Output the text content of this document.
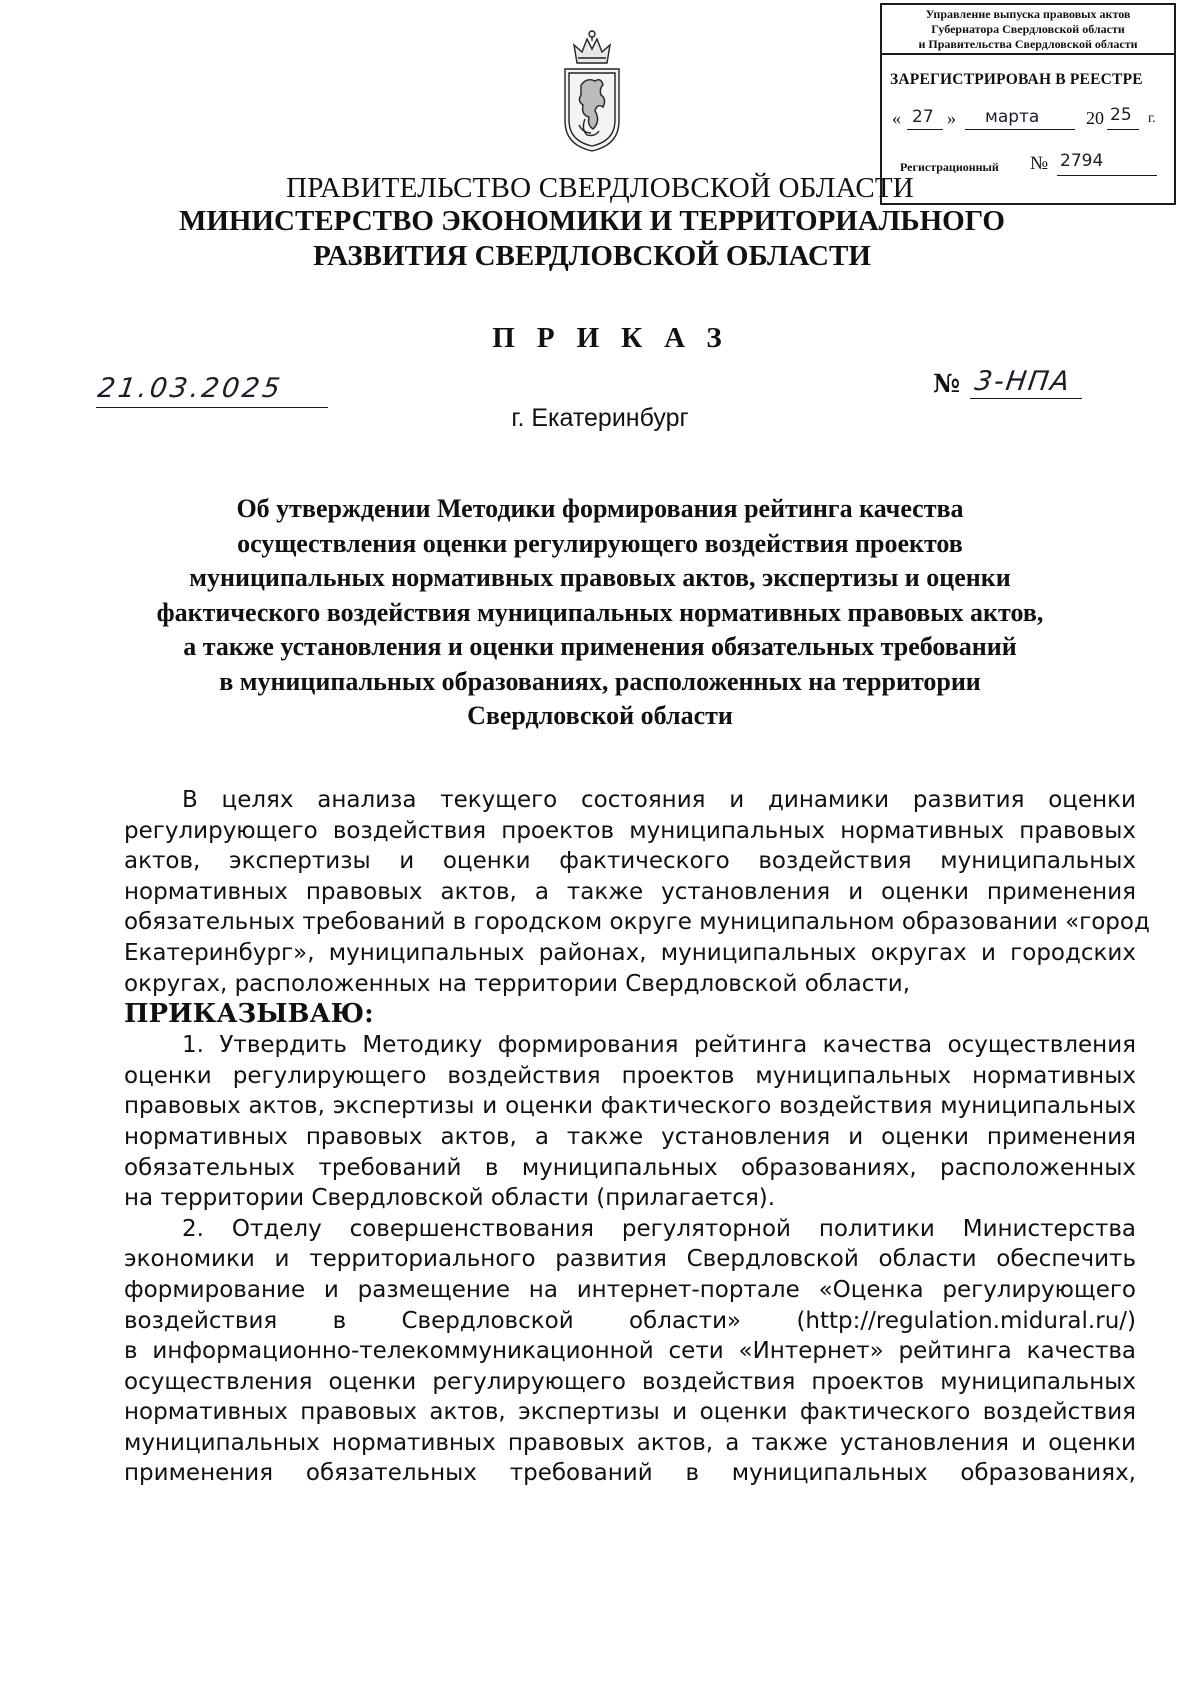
Управление выпуска правовых актов
Губернатора Свердловской области
и Правительства Свердловской области
ЗАРЕГИСТРИРОВАН В РЕЕСТРЕ
« 27 » марта	20 25 г.
Регистрационный № 2794
ПРАВИТЕЛЬСТВО СВЕРДЛОВСКОЙ ОБЛАСТИ
МИНИСТЕРСТВО ЭКОНОМИКИ И ТЕРРИТОРИАЛЬНОГО
РАЗВИТИЯ СВЕРДЛОВСКОЙ ОБЛАСТИ
ПРИКАЗ
21.03.2025	№ 3-НПА
г. Екатеринбург
Об утверждении Методики формирования рейтинга качества
осуществления оценки регулирующего воздействия проектов
муниципальных нормативных правовых актов, экспертизы и оценки
фактического воздействия муниципальных нормативных правовых актов,
а также установления и оценки применения обязательных требований
в муниципальных образованиях, расположенных на территории
Свердловской области
В целях анализа текущего состояния и динамики развития оценки
регулирующего воздействия проектов муниципальных нормативных правовых
актов, экспертизы и оценки фактического воздействия муниципальных
нормативных правовых актов, а также установления и оценки применения
обязательных требований в городском округе муниципальном образовании «город
Екатеринбург», муниципальных районах, муниципальных округах и городских
округах, расположенных на территории Свердловской области,
ПРИКАЗЫВАЮ:
1. Утвердить Методику формирования рейтинга качества осуществления
оценки регулирующего воздействия проектов муниципальных нормативных
правовых актов, экспертизы и оценки фактического воздействия муниципальных
нормативных правовых актов, а также установления и оценки применения
обязательных требований в муниципальных образованиях, расположенных
на территории Свердловской области (прилагается).
2. Отделу совершенствования регуляторной политики Министерства
экономики и территориального развития Свердловской области обеспечить
формирование и размещение на интернет-портале «Оценка регулирующего
воздействия в Свердловской области» (http://regulation.midural.ru/)
в информационно-телекоммуникационной сети «Интернет» рейтинга качества
осуществления оценки регулирующего воздействия проектов муниципальных
нормативных правовых актов, экспертизы и оценки фактического воздействия
муниципальных нормативных правовых актов, а также установления и оценки
применения обязательных требований в муниципальных образованиях,
